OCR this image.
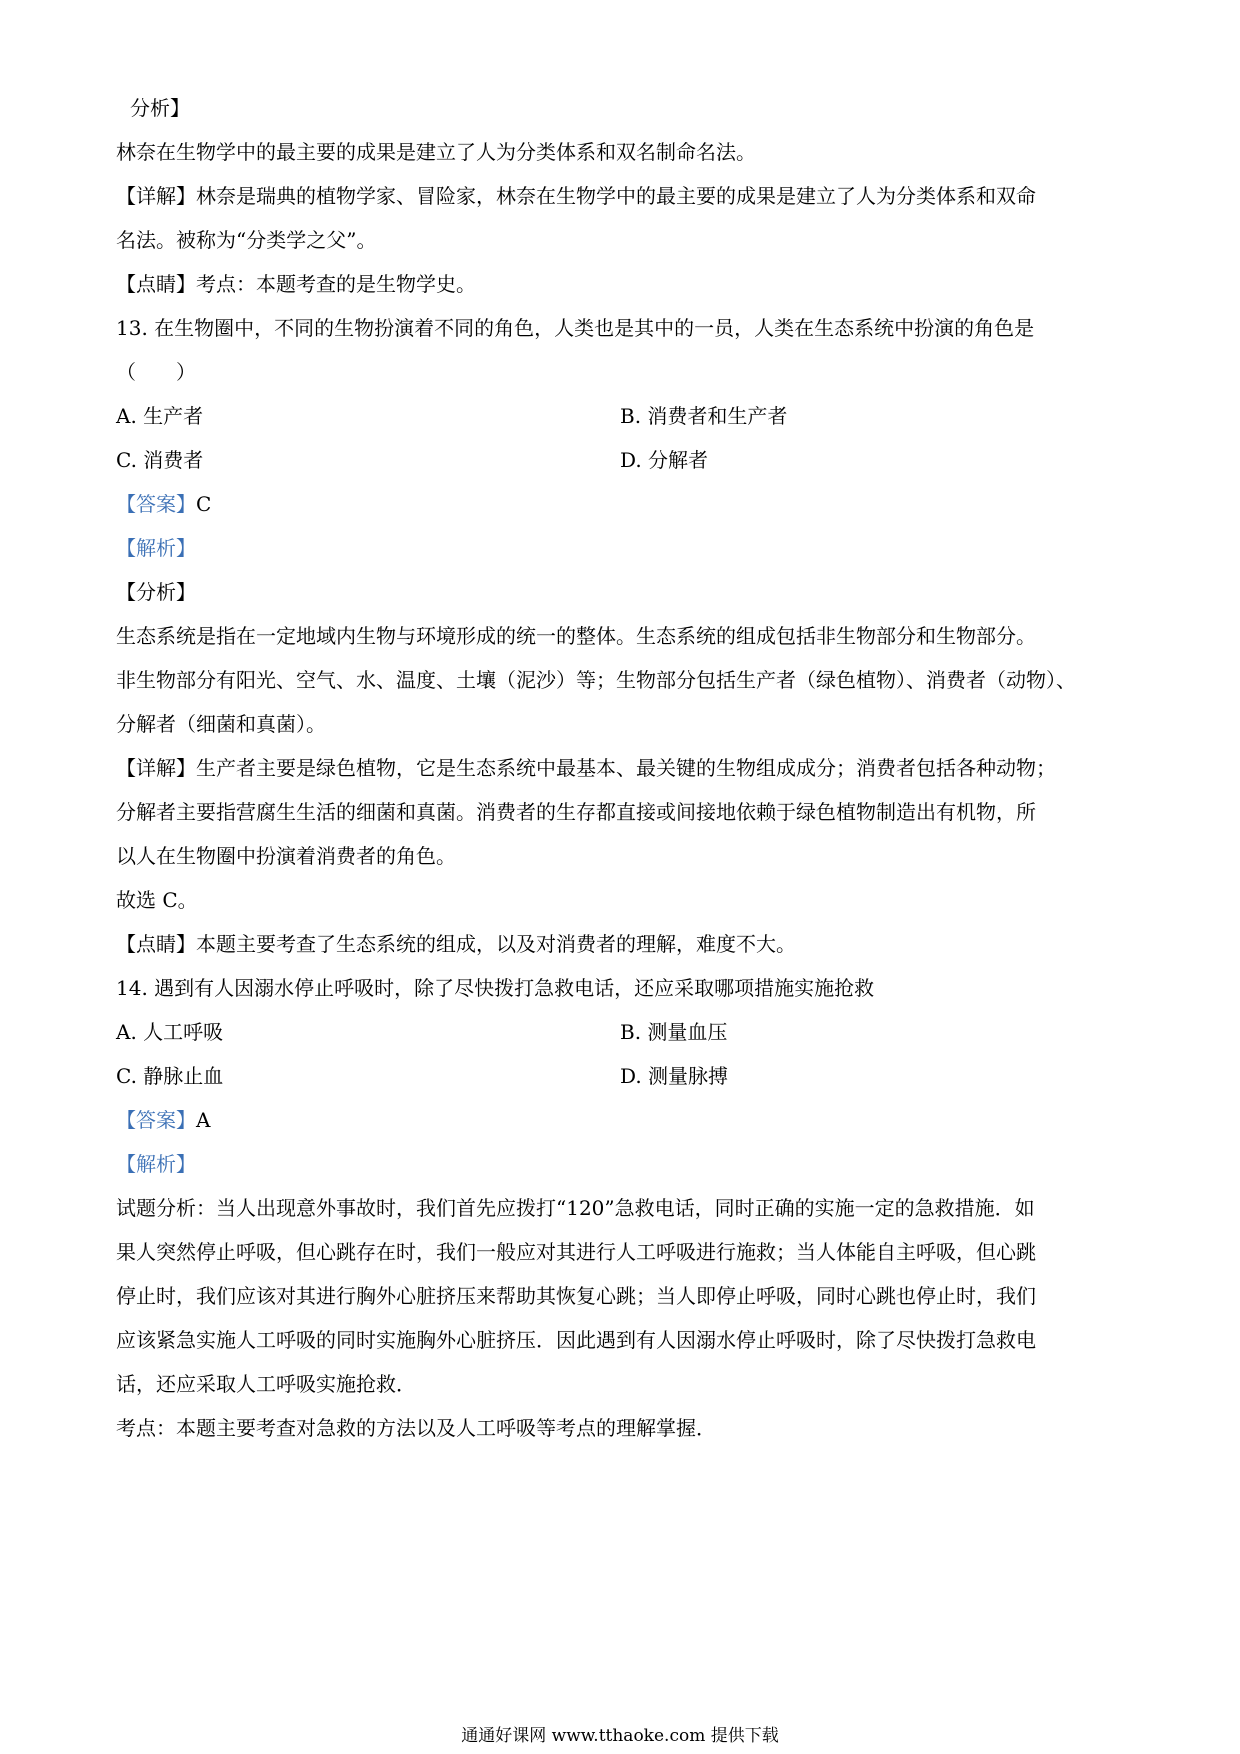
分析】
林奈在生物学中的最主要的成果是建立了人为分类体系和双名制命名法。
【详解】林奈是瑞典的植物学家、冒险家，林奈在生物学中的最主要的成果是建立了人为分类体系和双命
名法。被称为“分类学之父”。
【点睛】考点：本题考查的是生物学史。
13. 在生物圈中，不同的生物扮演着不同的角色，人类也是其中的一员，人类在生态系统中扮演的角色是
（　　）
A. 生产者	B. 消费者和生产者
C. 消费者	D. 分解者
【答案】C
【解析】
【分析】
生态系统是指在一定地域内生物与环境形成的统一的整体。生态系统的组成包括非生物部分和生物部分。
非生物部分有阳光、空气、水、温度、土壤（泥沙）等；生物部分包括生产者（绿色植物）、消费者（动物）、
分解者（细菌和真菌）。
【详解】生产者主要是绿色植物，它是生态系统中最基本、最关键的生物组成成分；消费者包括各种动物；
分解者主要指营腐生生活的细菌和真菌。消费者的生存都直接或间接地依赖于绿色植物制造出有机物，所
以人在生物圈中扮演着消费者的角色。
故选 C。
【点睛】本题主要考查了生态系统的组成，以及对消费者的理解，难度不大。
14. 遇到有人因溺水停止呼吸时，除了尽快拨打急救电话，还应采取哪项措施实施抢救
A. 人工呼吸	B. 测量血压
C. 静脉止血	D. 测量脉搏
【答案】A
【解析】
试题分析：当人出现意外事故时，我们首先应拨打“120”急救电话，同时正确的实施一定的急救措施．如
果人突然停止呼吸，但心跳存在时，我们一般应对其进行人工呼吸进行施救；当人体能自主呼吸，但心跳
停止时，我们应该对其进行胸外心脏挤压来帮助其恢复心跳；当人即停止呼吸，同时心跳也停止时，我们
应该紧急实施人工呼吸的同时实施胸外心脏挤压．因此遇到有人因溺水停止呼吸时，除了尽快拨打急救电
话，还应采取人工呼吸实施抢救．
考点：本题主要考查对急救的方法以及人工呼吸等考点的理解掌握．
通通好课网 www.tthaoke.com 提供下载
